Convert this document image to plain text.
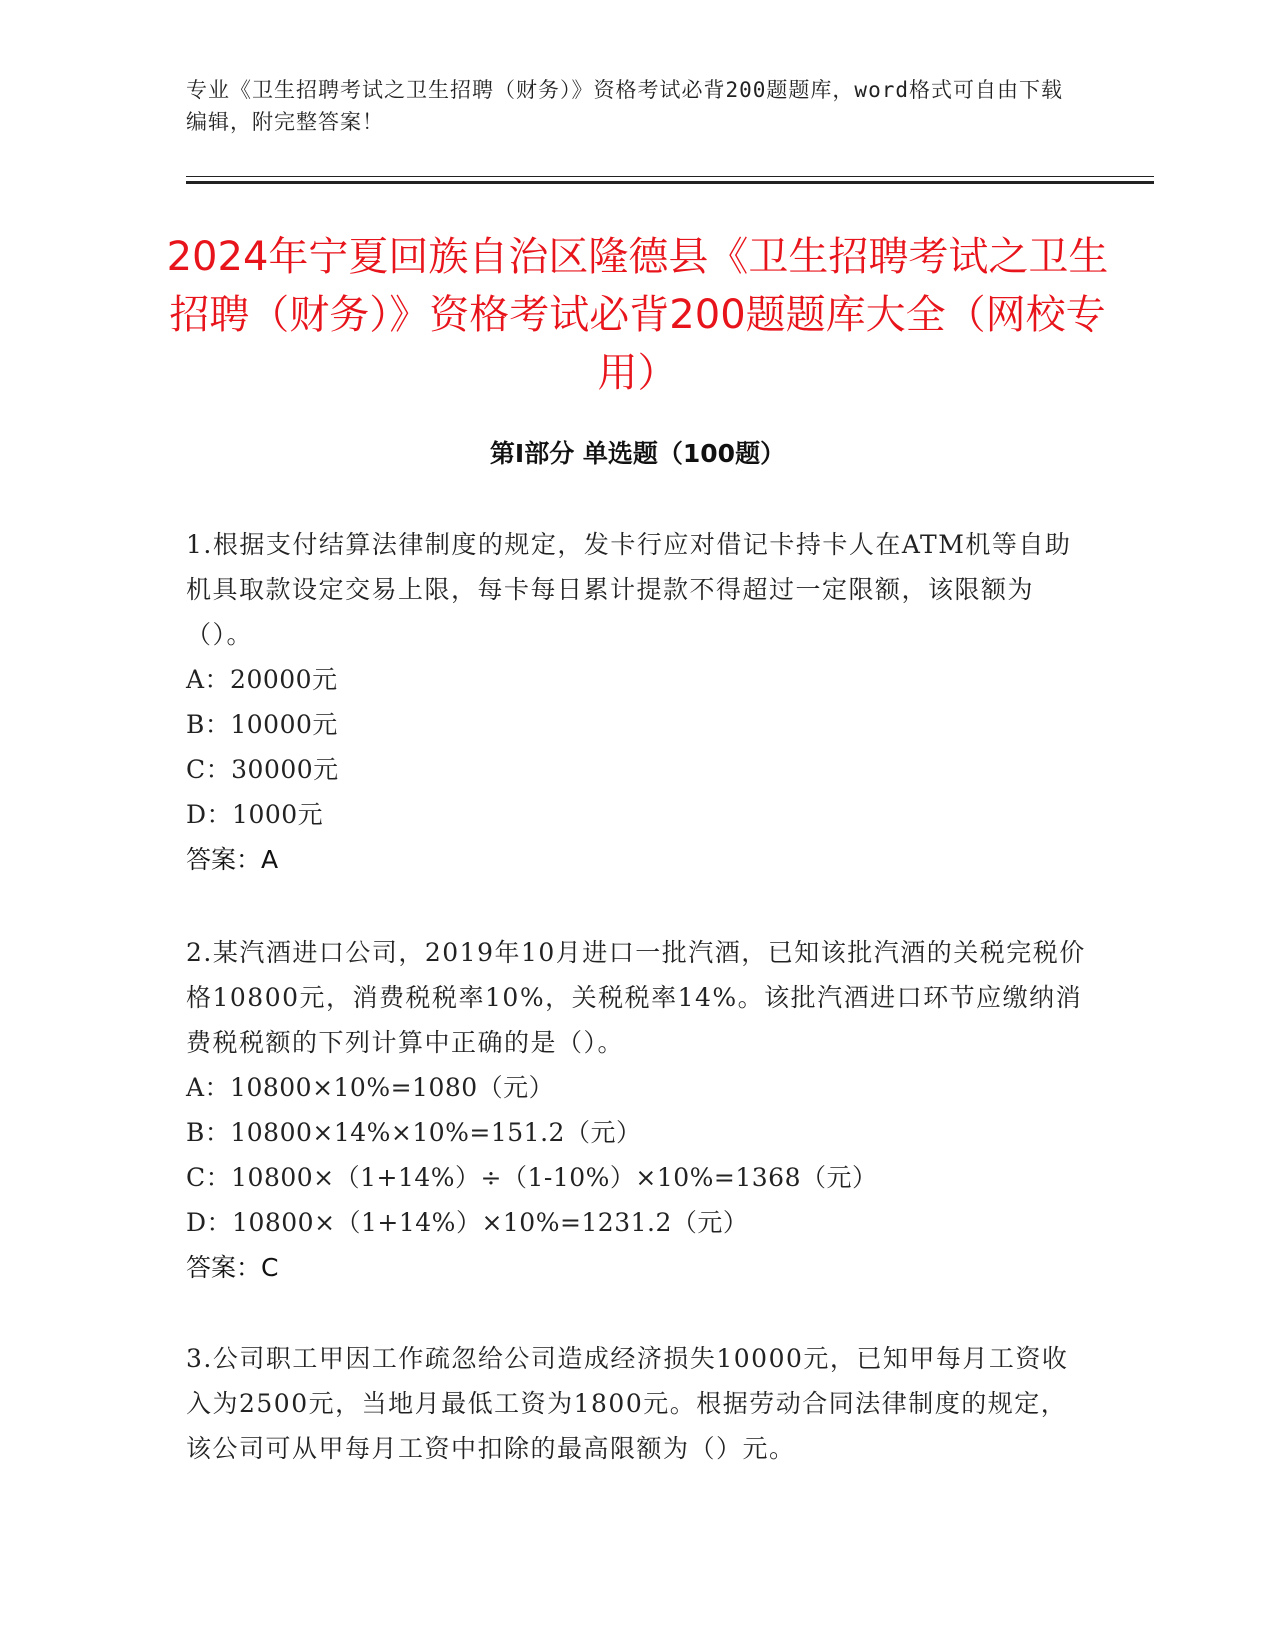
专业《卫生招聘考试之卫生招聘（财务）》资格考试必背200题题库，word格式可自由下载编辑，附完整答案！
2024年宁夏回族自治区隆德县《卫生招聘考试之卫生招聘（财务）》资格考试必背200题题库大全（网校专用）
第Ⅰ部分 单选题（100题）

1.根据支付结算法律制度的规定，发卡行应对借记卡持卡人在ATM机等自助机具取款设定交易上限，每卡每日累计提款不得超过一定限额，该限额为（）。

A：20000元

B：10000元

C：30000元

D：1000元

答案：A

2.某汽酒进口公司，2019年10月进口一批汽酒，已知该批汽酒的关税完税价格10800元，消费税税率10%，关税税率14%。该批汽酒进口环节应缴纳消费税税额的下列计算中正确的是（）。

A：10800×10%=1080（元）

B：10800×14%×10%=151.2（元）

C：10800×（1+14%）÷（1-10%）×10%=1368（元）

D：10800×（1+14%）×10%=1231.2（元）

答案：C

3.公司职工甲因工作疏忽给公司造成经济损失10000元，已知甲每月工资收入为2500元，当地月最低工资为1800元。根据劳动合同法律制度的规定，该公司可从甲每月工资中扣除的最高限额为（）元。
